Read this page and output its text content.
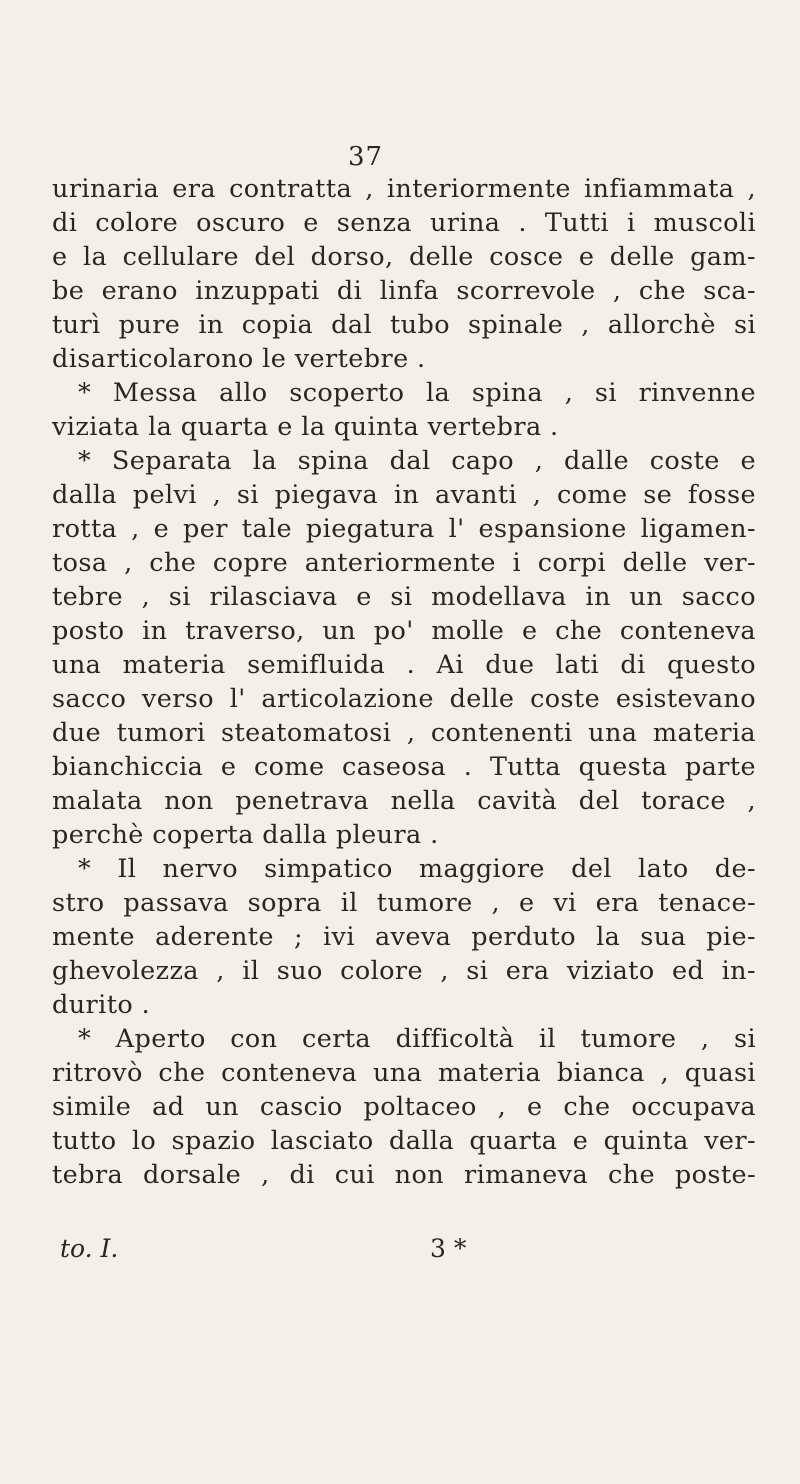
37
urinaria era contratta , interiormente infiammata ,
di colore oscuro e senza urina . Tutti i muscoli
e la cellulare del dorso, delle cosce e delle gam-
be erano inzuppati di linfa scorrevole , che sca-
turì pure in copia dal tubo spinale , allorchè si
disarticolarono le vertebre .
* Messa allo scoperto la spina , si rinvenne
viziata la quarta e la quinta vertebra .
* Separata la spina dal capo , dalle coste e
dalla pelvi , si piegava in avanti , come se fosse
rotta , e per tale piegatura l' espansione ligamen-
tosa , che copre anteriormente i corpi delle ver-
tebre , si rilasciava e si modellava in un sacco
posto in traverso, un po' molle e che conteneva
una materia semifluida . Ai due lati di questo
sacco verso l' articolazione delle coste esistevano
due tumori steatomatosi , contenenti una materia
bianchiccia e come caseosa . Tutta questa parte
malata non penetrava nella cavità del torace ,
perchè coperta dalla pleura .
* Il nervo simpatico maggiore del lato de-
stro passava sopra il tumore , e vi era tenace-
mente aderente ; ivi aveva perduto la sua pie-
ghevolezza , il suo colore , si era viziato ed in-
durito .
* Aperto con certa difficoltà il tumore , si
ritrovò che conteneva una materia bianca , quasi
simile ad un cascio poltaceo , e che occupava
tutto lo spazio lasciato dalla quarta e quinta ver-
tebra dorsale , di cui non rimaneva che poste-
to. I.	3 *
